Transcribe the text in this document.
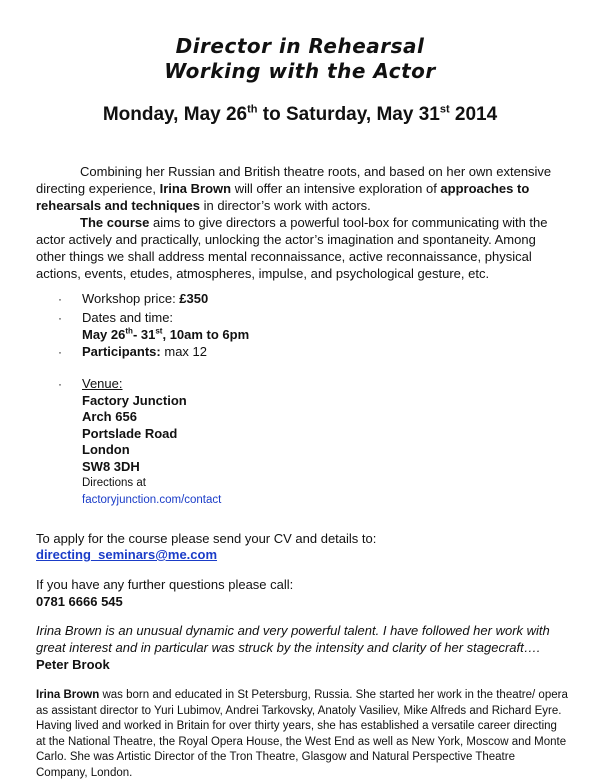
Director in Rehearsal
Working with the Actor
Monday, May 26th to Saturday, May 31st 2014
Combining her Russian and British theatre roots, and based on her own extensive directing experience, Irina Brown will offer an intensive exploration of approaches to rehearsals and techniques in director’s work with actors.
The course aims to give directors a powerful tool-box for communicating with the actor actively and practically, unlocking the actor’s imagination and spontaneity. Among other things we shall address mental reconnaissance, active reconnaissance, physical actions, events, etudes, atmospheres, impulse, and psychological gesture, etc.
· Workshop price: £350
· Dates and time:
May 26th- 31st, 10am to 6pm
· Participants: max 12
· Venue:
Factory Junction
Arch 656
Portslade Road
London
SW8 3DH
Directions at
factoryjunction.com/contact
To apply for the course please send your CV and details to:
directing_seminars@me.com
If you have any further questions please call:
0781 6666 545
Irina Brown is an unusual dynamic and very powerful talent. I have followed her work with great interest and in particular was struck by the intensity and clarity of her stagecraft….
Peter Brook
Irina Brown was born and educated in St Petersburg, Russia. She started her work in the theatre/ opera as assistant director to Yuri Lubimov, Andrei Tarkovsky, Anatoly Vasiliev, Mike Alfreds and Richard Eyre. Having lived and worked in Britain for over thirty years, she has established a versatile career directing at the National Theatre, the Royal Opera House, the West End as well as New York, Moscow and Monte Carlo. She was Artistic Director of the Tron Theatre, Glasgow and Natural Perspective Theatre Company, London.
